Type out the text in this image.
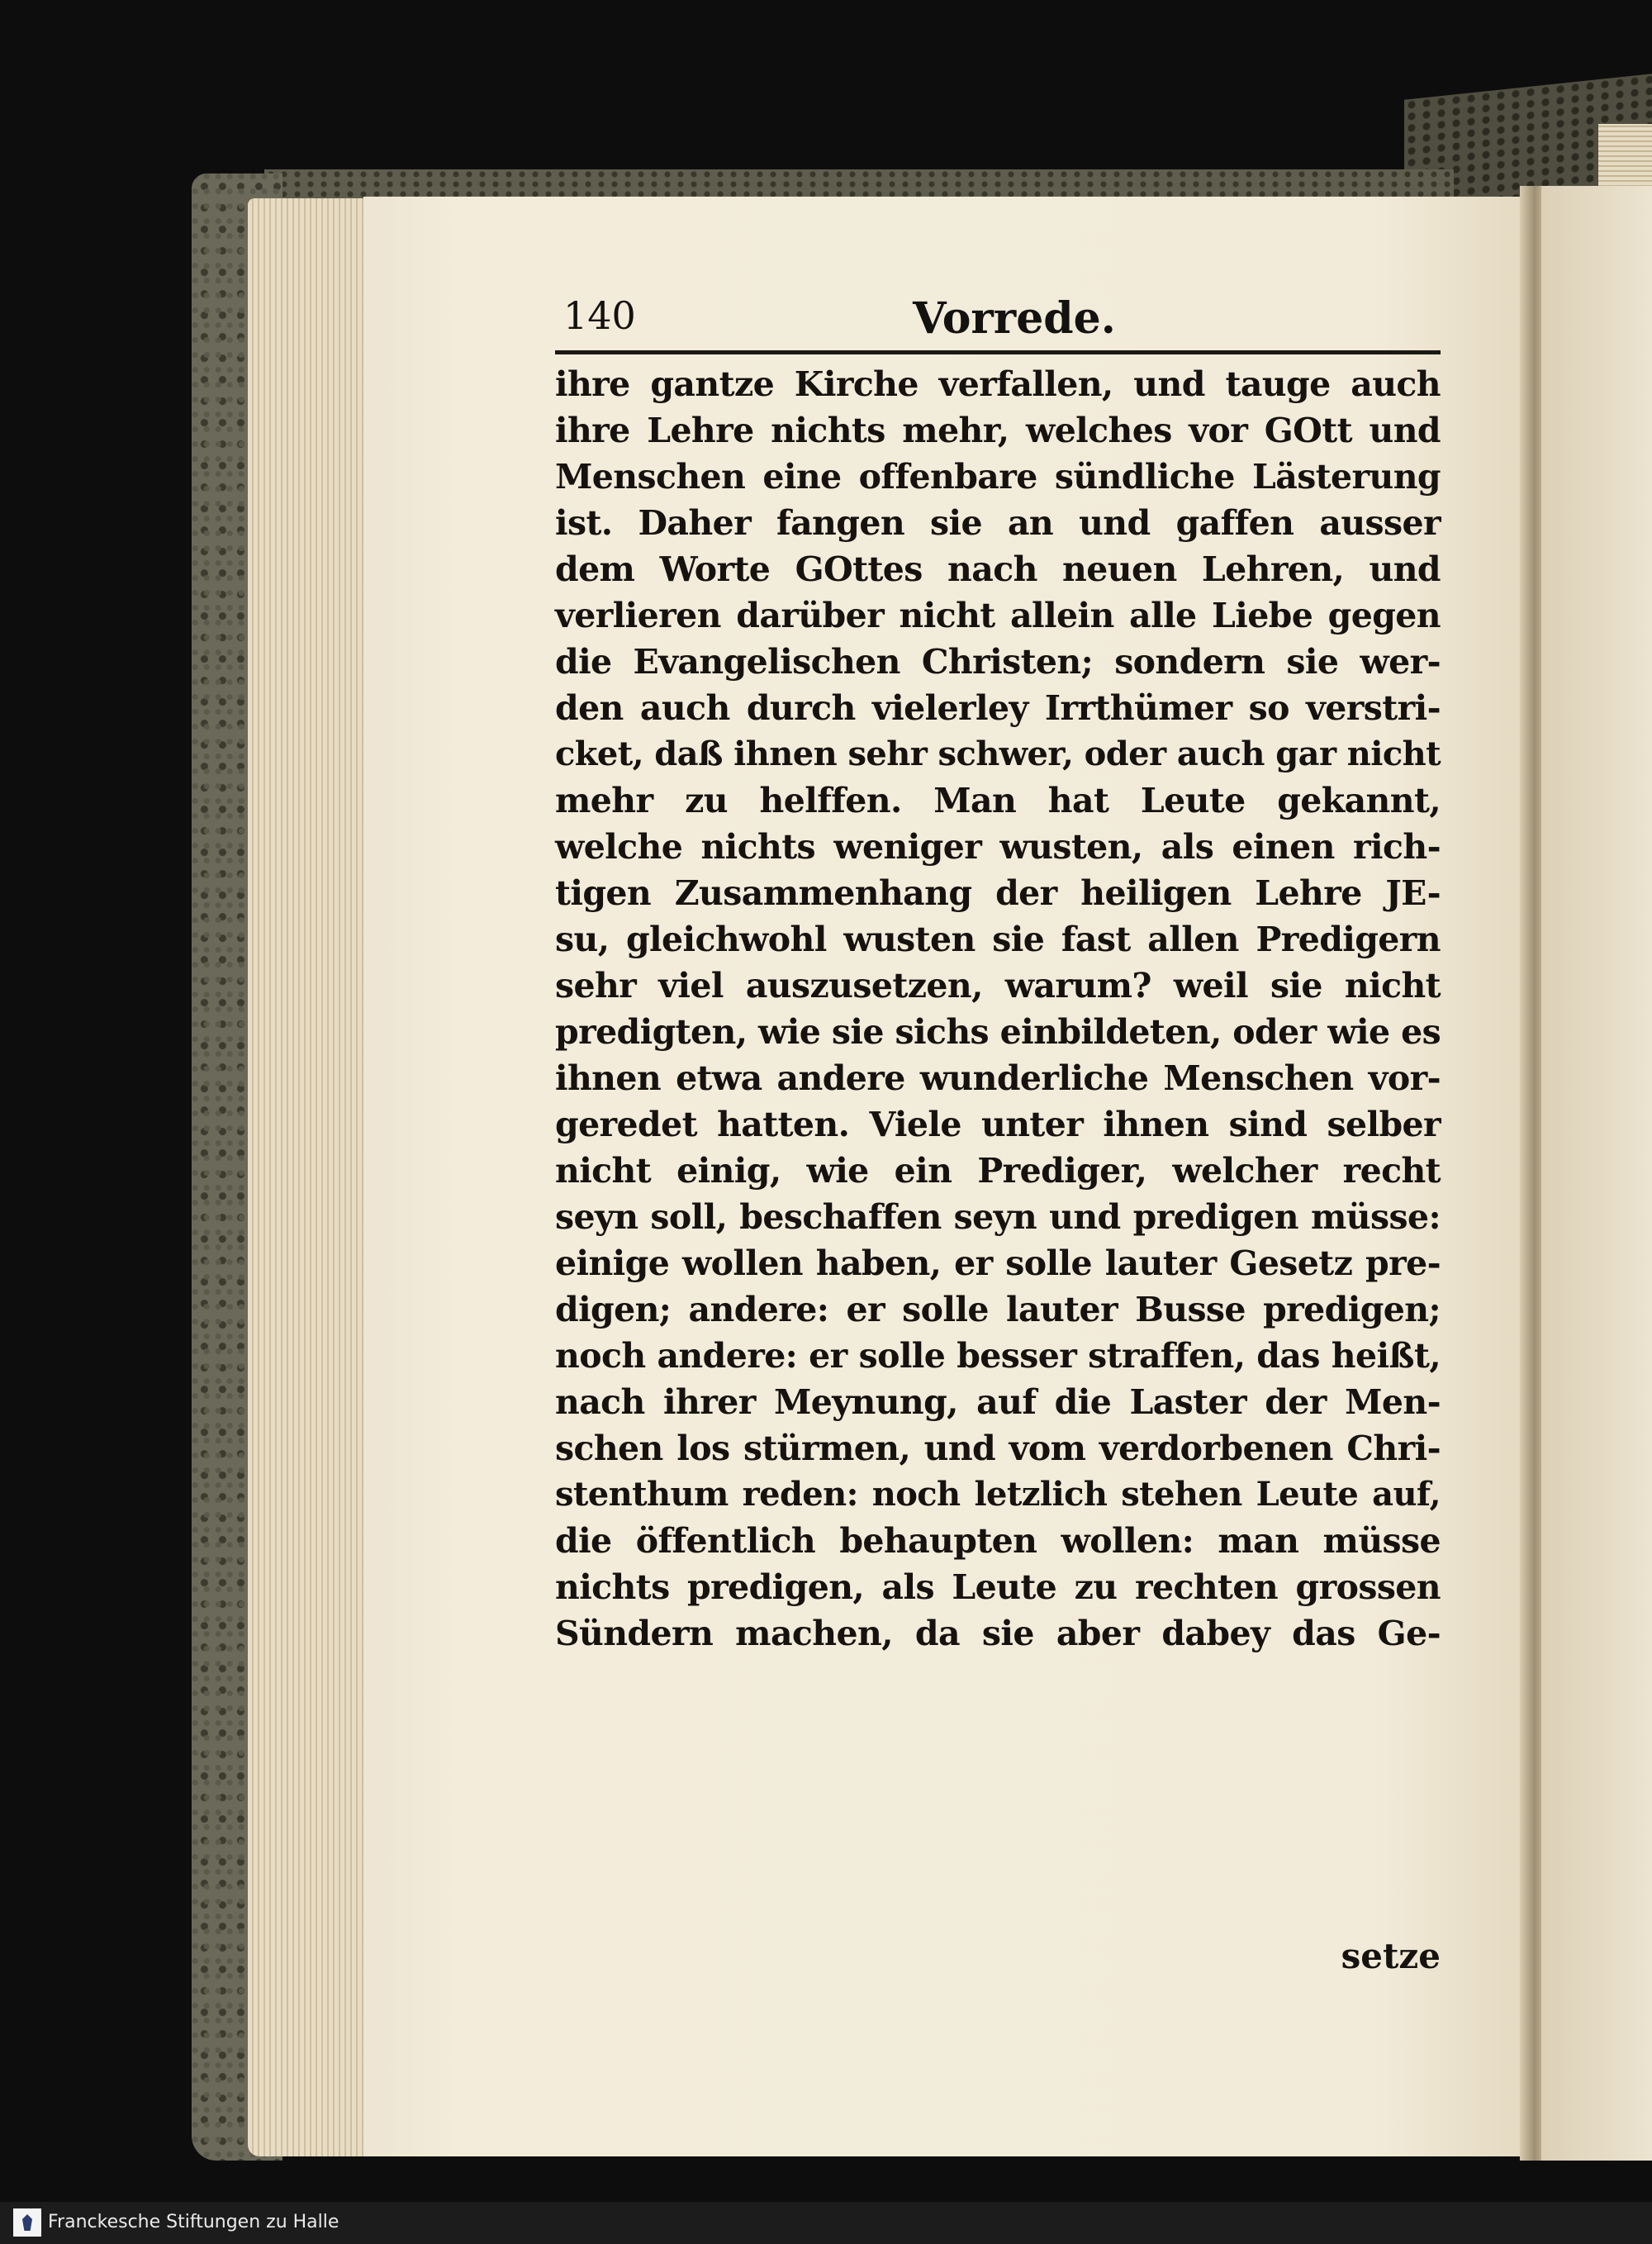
140	Vorrede.
ihre gantze Kirche verfallen, und tauge auch
ihre Lehre nichts mehr, welches vor GOtt und
Menschen eine offenbare sündliche Lästerung
ist. Daher fangen sie an und gaffen ausser
dem Worte GOttes nach neuen Lehren, und
verlieren darüber nicht allein alle Liebe gegen
die Evangelischen Christen; sondern sie wer-
den auch durch vielerley Irrthümer so verstri-
cket, daß ihnen sehr schwer, oder auch gar nicht
mehr zu helffen. Man hat Leute gekannt,
welche nichts weniger wusten, als einen rich-
tigen Zusammenhang der heiligen Lehre JE-
su, gleichwohl wusten sie fast allen Predigern
sehr viel auszusetzen, warum? weil sie nicht
predigten, wie sie sichs einbildeten, oder wie es
ihnen etwa andere wunderliche Menschen vor-
geredet hatten. Viele unter ihnen sind selber
nicht einig, wie ein Prediger, welcher recht
seyn soll, beschaffen seyn und predigen müsse:
einige wollen haben, er solle lauter Gesetz pre-
digen; andere: er solle lauter Busse predigen;
noch andere: er solle besser straffen, das heißt,
nach ihrer Meynung, auf die Laster der Men-
schen los stürmen, und vom verdorbenen Chri-
stenthum reden: noch letzlich stehen Leute auf,
die öffentlich behaupten wollen: man müsse
nichts predigen, als Leute zu rechten grossen
Sündern machen, da sie aber dabey das Ge-
setze
Franckesche Stiftungen zu Halle
